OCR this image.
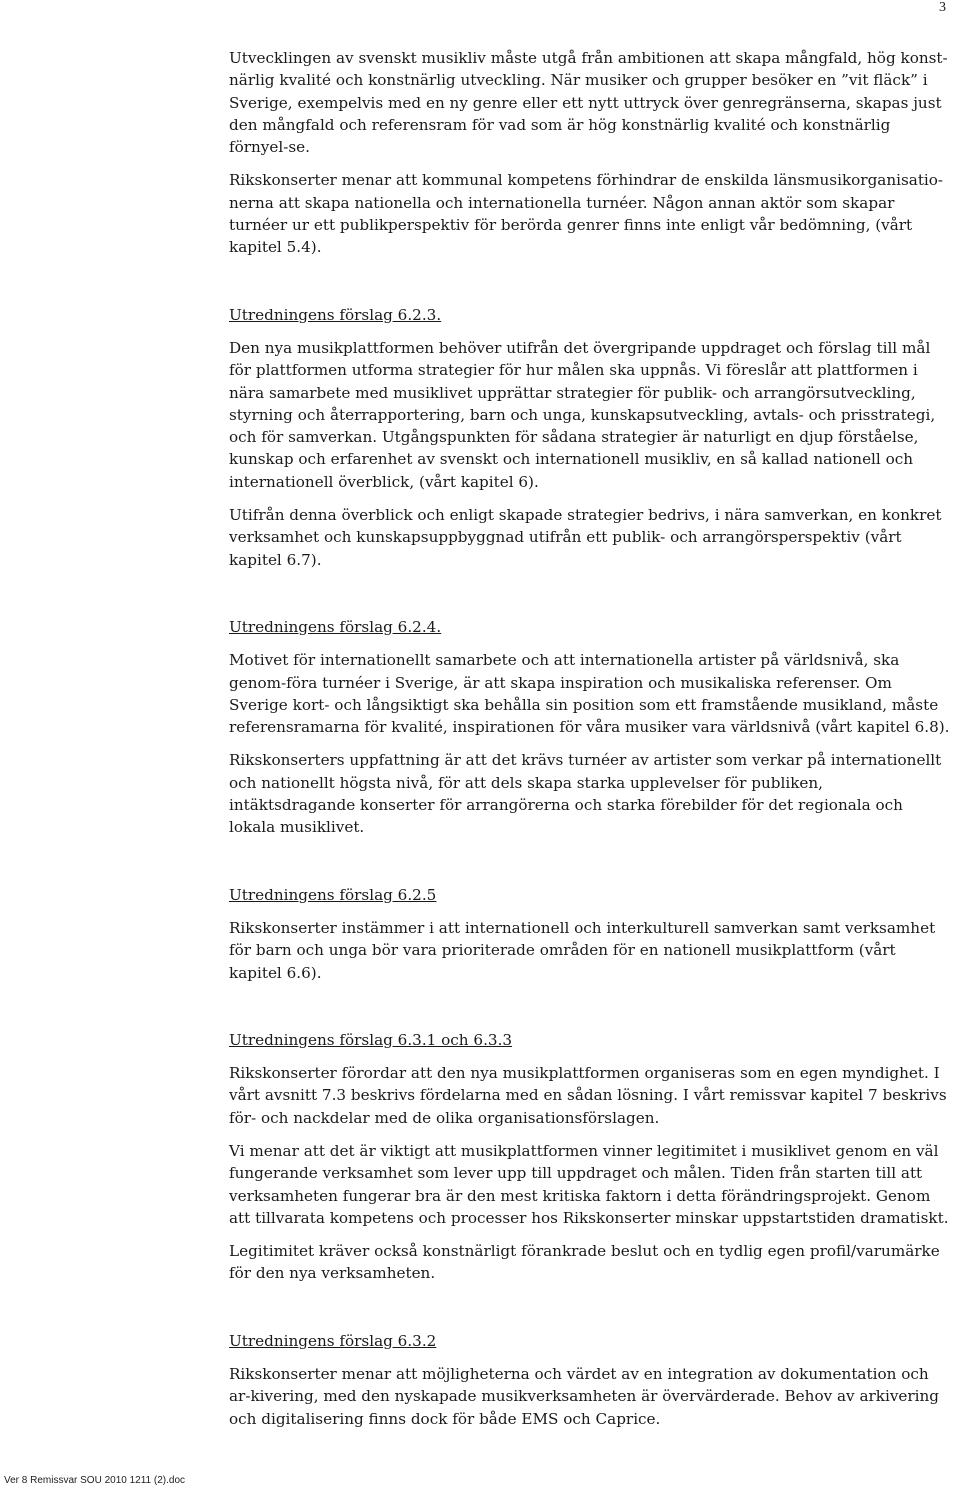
3

Utvecklingen av svenskt musikliv måste utgå från ambitionen att skapa mångfald, hög konst-närlig kvalité och konstnärlig utveckling. När musiker och grupper besöker en ”vit fläck” i Sverige, exempelvis med en ny genre eller ett nytt uttryck över genregränserna, skapas just den mångfald och referensram för vad som är hög konstnärlig kvalité och konstnärlig förnyel-se.

Rikskonserter menar att kommunal kompetens förhindrar de enskilda länsmusikorganisatio-nerna att skapa nationella och internationella turnéer. Någon annan aktör som skapar turnéer ur ett publikperspektiv för berörda genrer finns inte enligt vår bedömning, (vårt kapitel 5.4).

Utredningens förslag 6.2.3.

Den nya musikplattformen behöver utifrån det övergripande uppdraget och förslag till mål för plattformen utforma strategier för hur målen ska uppnås. Vi föreslår att plattformen i nära samarbete med musiklivet upprättar strategier för publik- och arrangörsutveckling, styrning och återrapportering, barn och unga, kunskapsutveckling, avtals- och prisstrategi, och för samverkan. Utgångspunkten för sådana strategier är naturligt en djup förståelse, kunskap och erfarenhet av svenskt och internationell musikliv, en så kallad nationell och internationell överblick, (vårt kapitel 6).

Utifrån denna överblick och enligt skapade strategier bedrivs, i nära samverkan, en konkret verksamhet och kunskapsuppbyggnad utifrån ett publik- och arrangörsperspektiv (vårt kapitel 6.7).

Utredningens förslag 6.2.4.

Motivet för internationellt samarbete och att internationella artister på världsnivå, ska genom-föra turnéer i Sverige, är att skapa inspiration och musikaliska referenser. Om Sverige kort- och långsiktigt ska behålla sin position som ett framstående musikland, måste referensramarna för kvalité, inspirationen för våra musiker vara världsnivå (vårt kapitel 6.8).

Rikskonserters uppfattning är att det krävs turnéer av artister som verkar på internationellt och nationellt högsta nivå, för att dels skapa starka upplevelser för publiken, intäktsdragande konserter för arrangörerna och starka förebilder för det regionala och lokala musiklivet.

Utredningens förslag 6.2.5

Rikskonserter instämmer i att internationell och interkulturell samverkan samt verksamhet för barn och unga bör vara prioriterade områden för en nationell musikplattform (vårt kapitel 6.6).

Utredningens förslag 6.3.1 och 6.3.3

Rikskonserter förordar att den nya musikplattformen organiseras som en egen myndighet. I vårt avsnitt 7.3 beskrivs fördelarna med en sådan lösning. I vårt remissvar kapitel 7 beskrivs för- och nackdelar med de olika organisationsförslagen.

Vi menar att det är viktigt att musikplattformen vinner legitimitet i musiklivet genom en väl fungerande verksamhet som lever upp till uppdraget och målen. Tiden från starten till att verksamheten fungerar bra är den mest kritiska faktorn i detta förändringsprojekt. Genom att tillvarata kompetens och processer hos Rikskonserter minskar uppstartstiden dramatiskt.

Legitimitet kräver också konstnärligt förankrade beslut och en tydlig egen profil/varumärke för den nya verksamheten.

Utredningens förslag 6.3.2

Rikskonserter menar att möjligheterna och värdet av en integration av dokumentation och ar-kivering, med den nyskapade musikverksamheten är övervärderade. Behov av arkivering och digitalisering finns dock för både EMS och Caprice.

Ver 8 Remissvar SOU 2010 1211 (2).doc
